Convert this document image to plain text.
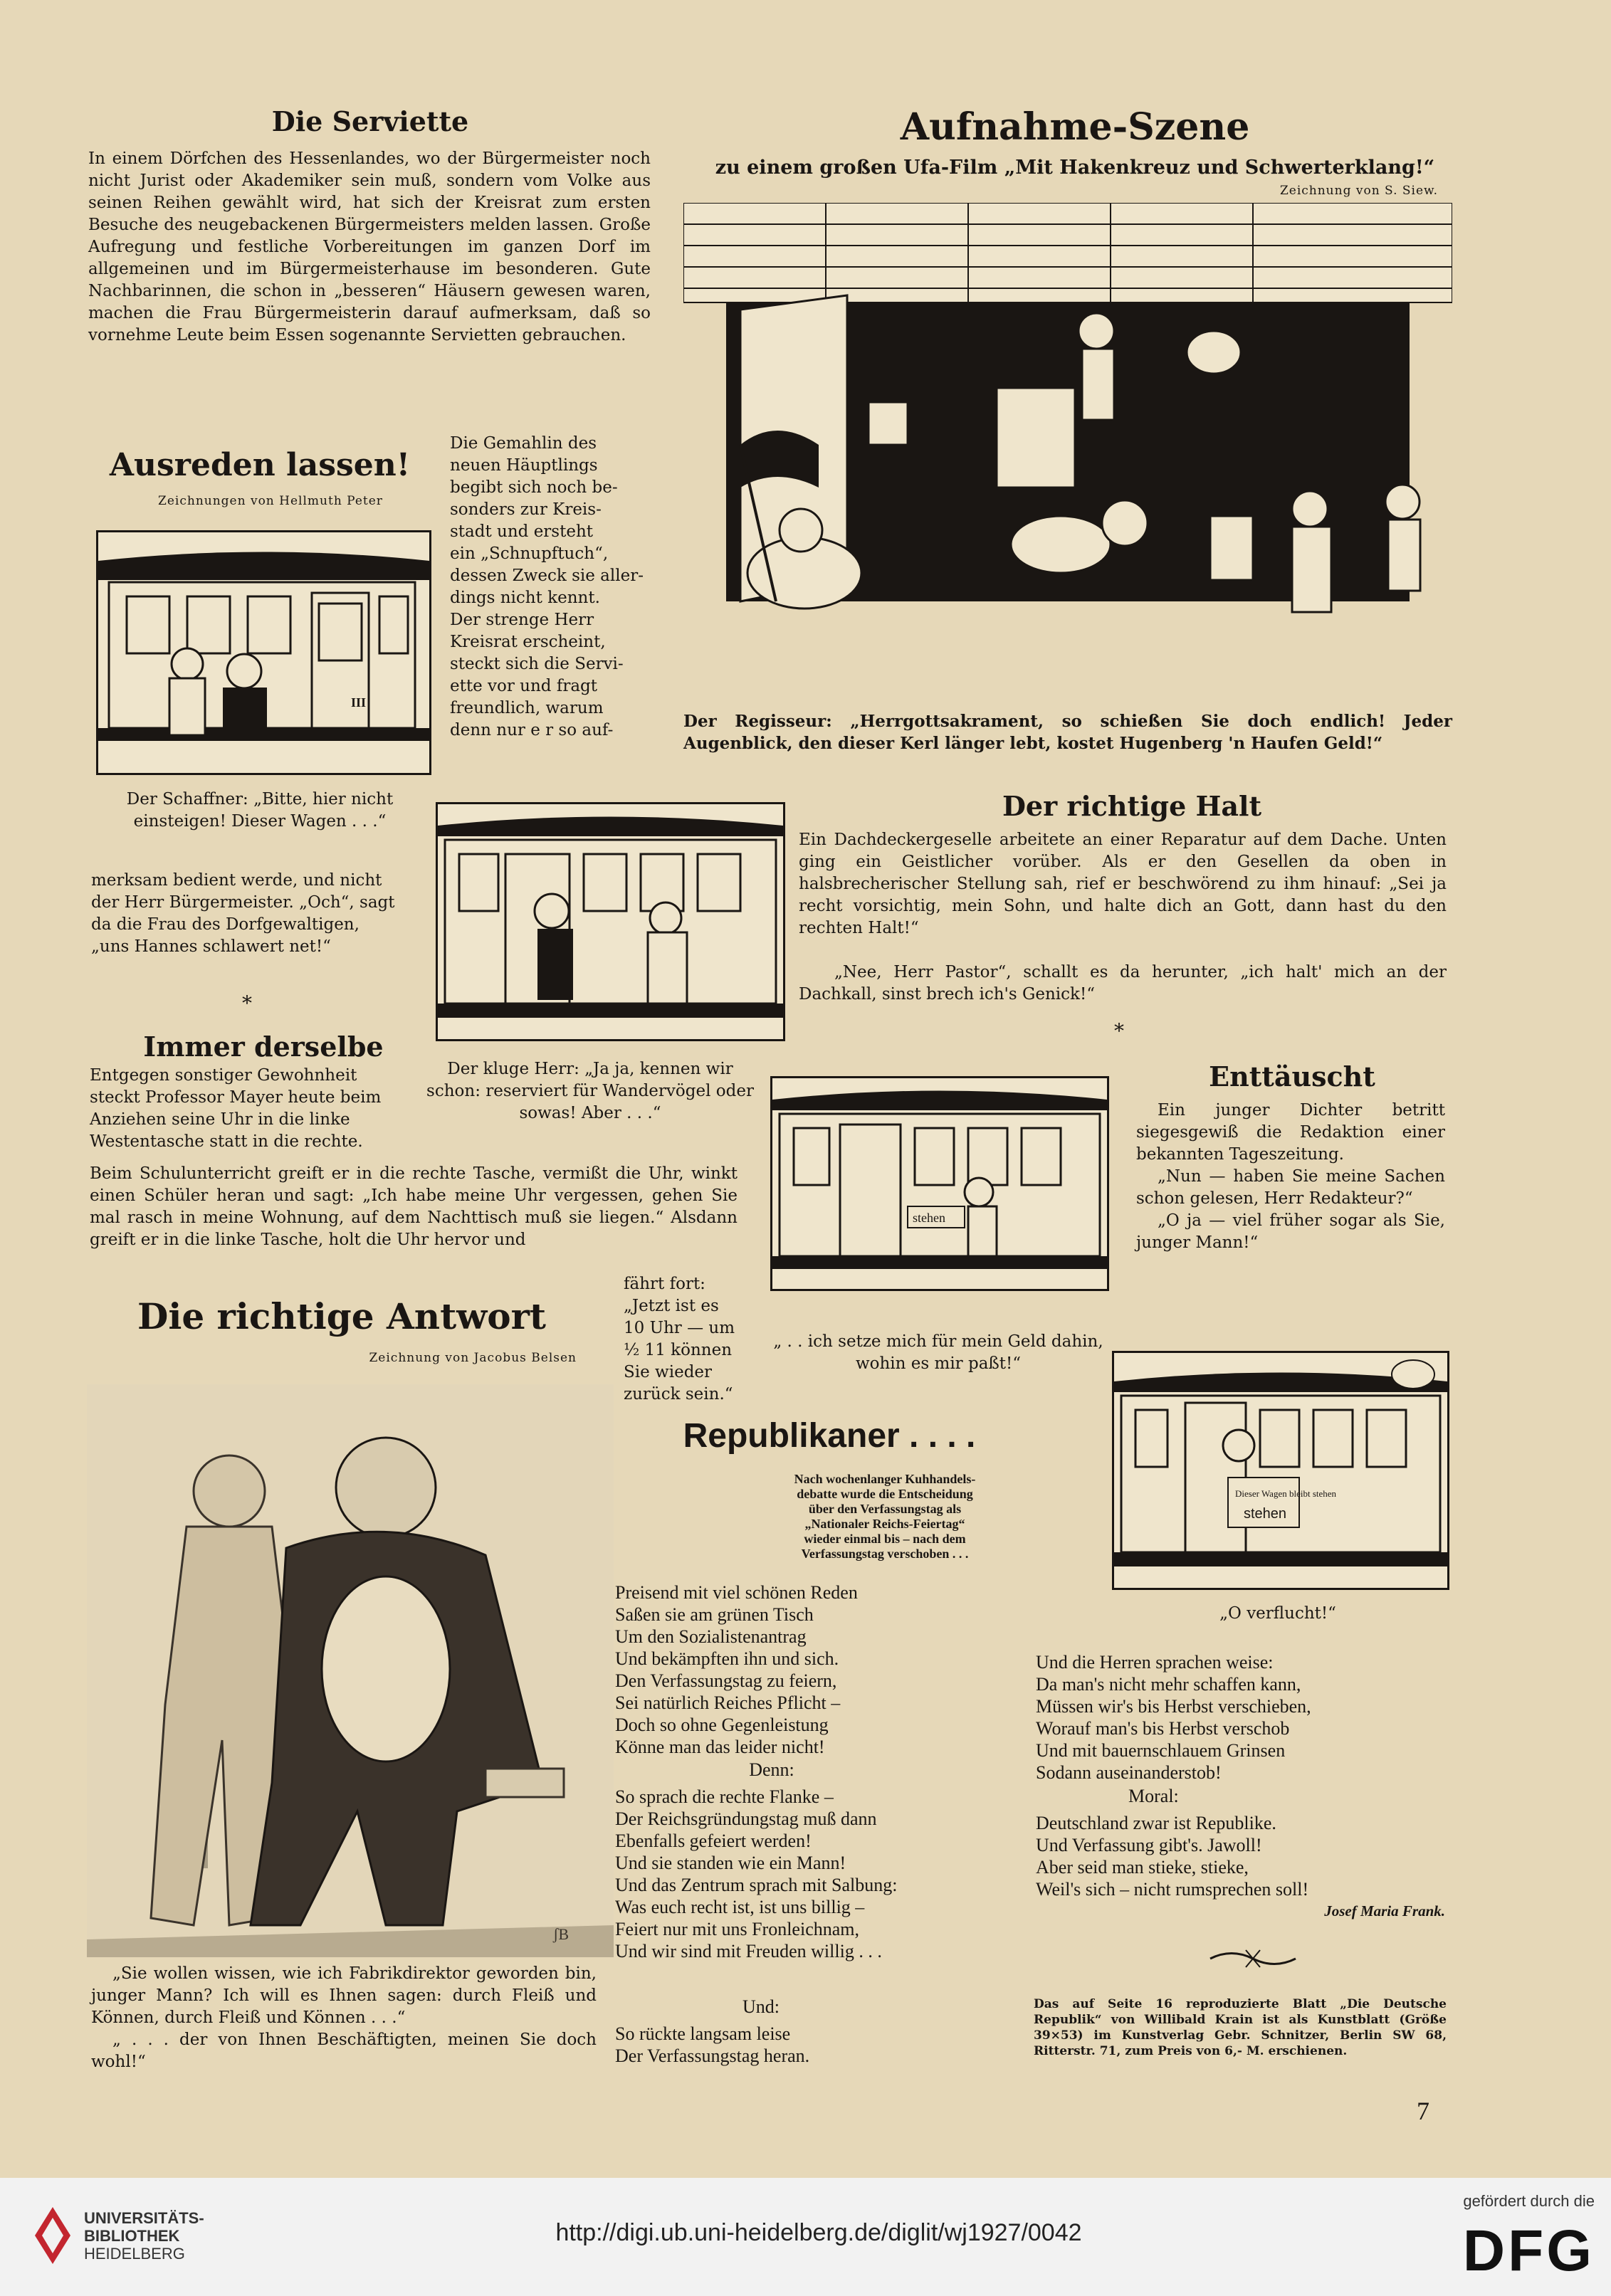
Die Serviette
In einem Dörfchen des Hessenlandes, wo der Bürgermeister noch nicht Jurist oder Akademiker sein muß, sondern vom Volke aus seinen Reihen gewählt wird, hat sich der Kreisrat zum ersten Besuche des neugebackenen Bürgermeisters melden lassen. Große Aufregung und festliche Vorbereitungen im ganzen Dorf im allgemeinen und im Bürgermeisterhause im besonderen. Gute Nachbarinnen, die schon in „besseren“ Häusern gewesen waren, machen die Frau Bürgermeisterin darauf aufmerksam, daß so vornehme Leute beim Essen sogenannte Servietten gebrauchen.
Die Gemahlin des
neuen Häuptlings
begibt sich noch be-
sonders zur Kreis-
stadt und ersteht
ein „Schnupftuch“,
dessen Zweck sie aller-
dings nicht kennt.
Der strenge Herr
Kreisrat erscheint,
steckt sich die Servi-
ette vor und fragt
freundlich, warum
denn nur e r so auf-
Ausreden lassen!
Zeichnungen von Hellmuth Peter
III
Der Schaffner: „Bitte, hier nicht einsteigen! Dieser Wagen . . .“
merksam bedient werde, und nicht der Herr Bürgermeister. „Och“, sagt da die Frau des Dorfgewaltigen, „uns Hannes schlawert net!“
*
Aufnahme-Szene
zu einem großen Ufa-Film „Mit Hakenkreuz und Schwerterklang!“
Zeichnung von S. Siew.
Der Regisseur: „Herrgottsakrament, so schießen Sie doch endlich! Jeder Augenblick, den dieser Kerl länger lebt, kostet Hugenberg 'n Haufen Geld!“
Der richtige Halt
Ein Dachdeckergeselle arbeitete an einer Reparatur auf dem Dache. Unten ging ein Geistlicher vorüber. Als er den Gesellen da oben in halsbrecherischer Stellung sah, rief er beschwörend zu ihm hinauf: „Sei ja recht vorsichtig, mein Sohn, und halte dich an Gott, dann hast du den rechten Halt!“
„Nee, Herr Pastor“, schallt es da herunter, „ich halt' mich an der Dachkall, sinst brech ich's Genick!“
*
Immer derselbe
Entgegen sonstiger Gewohnheit
steckt Professor Mayer heute beim
Anziehen seine Uhr in die linke
Westentasche statt in die rechte.
Der kluge Herr: „Ja ja, kennen wir schon: reserviert für Wandervögel oder sowas! Aber . . .“
Beim Schulunterricht greift er in die rechte Tasche, vermißt die Uhr, winkt einen Schüler heran und sagt: „Ich habe meine Uhr vergessen, gehen Sie mal rasch in meine Wohnung, auf dem Nachttisch muß sie liegen.“ Alsdann greift er in die linke Tasche, holt die Uhr hervor und
fährt fort:
„Jetzt ist es
10 Uhr — um
½ 11 können
Sie wieder
zurück sein.“
stehen
„ . . ich setze mich für mein Geld dahin, wohin es mir paßt!“
Enttäuscht
Ein junger Dichter betritt siegesgewiß die Redaktion einer bekannten Tageszeitung.
„Nun — haben Sie meine Sachen schon gelesen, Herr Redakteur?“
„O ja — viel früher sogar als Sie, junger Mann!“
Die richtige Antwort
Zeichnung von Jacobus Belsen
ʃB
„Sie wollen wissen, wie ich Fabrikdirektor geworden bin, junger Mann? Ich will es Ihnen sagen: durch Fleiß und Können, durch Fleiß und Können . . .“
„ . . . der von Ihnen Beschäftigten, meinen Sie doch wohl!“
Dieser Wagen bleibt stehen
stehen
„O verflucht!“
Republikaner . . . .
Nach wochenlanger Kuhhandels-
debatte wurde die Entscheidung
über den Verfassungstag als
„Nationaler Reichs-Feiertag“
wieder einmal bis – nach dem
Verfassungstag verschoben . . .
Preisend mit viel schönen Reden
Saßen sie am grünen Tisch
Um den Sozialistenantrag
Und bekämpften ihn und sich.
Den Verfassungstag zu feiern,
Sei natürlich Reiches Pflicht –
Doch so ohne Gegenleistung
Könne man das leider nicht!
Denn:
So sprach die rechte Flanke –
Der Reichsgründungstag muß dann
Ebenfalls gefeiert werden!
Und sie standen wie ein Mann!
Und das Zentrum sprach mit Salbung:
Was euch recht ist, ist uns billig –
Feiert nur mit uns Fronleichnam,
Und wir sind mit Freuden willig . . .
Und:
So rückte langsam leise
Der Verfassungstag heran.
Und die Herren sprachen weise:
Da man's nicht mehr schaffen kann,
Müssen wir's bis Herbst verschieben,
Worauf man's bis Herbst verschob
Und mit bauernschlauem Grinsen
Sodann auseinanderstob!
Moral:
Deutschland zwar ist Republike.
Und Verfassung gibt's. Jawoll!
Aber seid man stieke, stieke,
Weil's sich – nicht rumsprechen soll!
Josef Maria Frank.
Das auf Seite 16 reproduzierte Blatt „Die Deutsche Republik“ von Willibald Krain ist als Kunstblatt (Größe 39×53) im Kunstverlag Gebr. Schnitzer, Berlin SW 68, Ritterstr. 71, zum Preis von 6,- M. erschienen.
7
UNIVERSITÄTS-
BIBLIOTHEK
HEIDELBERG
http://digi.ub.uni-heidelberg.de/diglit/wj1927/0042
gefördert durch die
DFG
